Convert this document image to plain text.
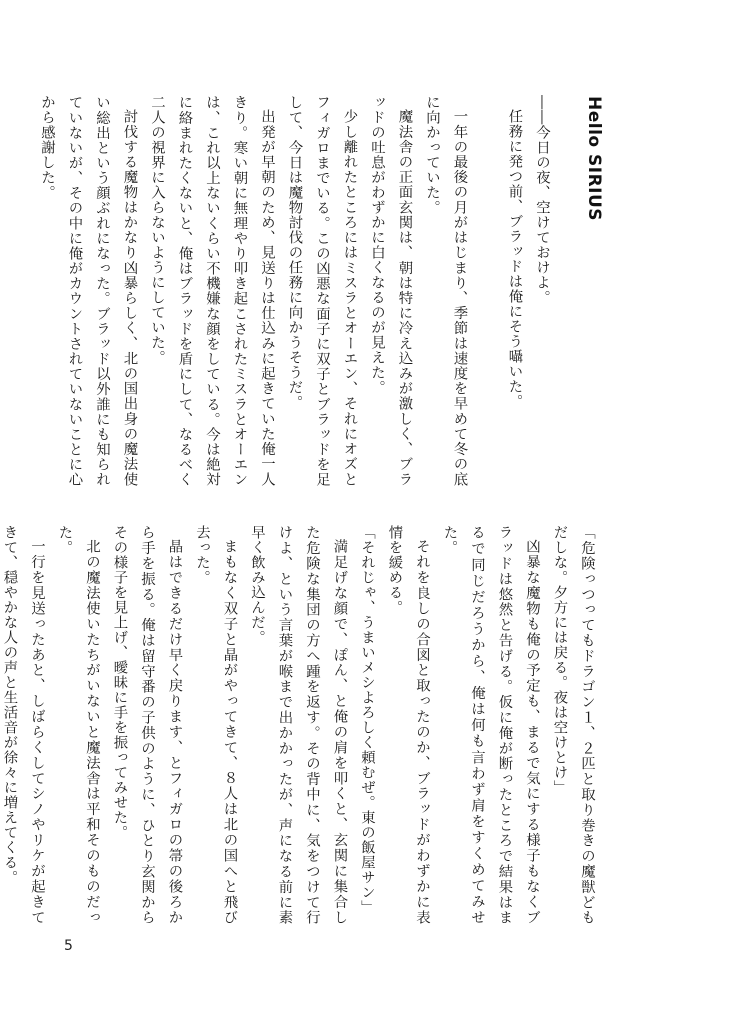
Hello SIRIUS

――今日の夜、空けておけよ。

任務に発つ前、ブラッドは俺にそう囁いた。

一年の最後の月がはじまり、季節は速度を早めて冬の底に向かっていた。

魔法舎の正面玄関は、朝は特に冷え込みが激しく、ブラッドの吐息がわずかに白くなるのが見えた。

少し離れたところにはミスラとオーエン、それにオズとフィガロまでいる。この凶悪な面子に双子とブラッドを足して、今日は魔物討伐の任務に向かうそうだ。

出発が早朝のため、見送りは仕込みに起きていた俺一人きり。寒い朝に無理やり叩き起こされたミスラとオーエンは、これ以上ないくらい不機嫌な顔をしている。今は絶対に絡まれたくないと、俺はブラッドを盾にして、なるべく二人の視界に入らないようにしていた。

討伐する魔物はかなり凶暴らしく、北の国出身の魔法使い総出という顔ぶれになった。ブラッド以外誰にも知られていないが、その中に俺がカウントされていないことに心から感謝した。

「危険っつってもドラゴン１、２匹と取り巻きの魔獣どもだしな。夕方には戻る。夜は空けとけ」

凶暴な魔物も俺の予定も、まるで気にする様子もなくブラッドは悠然と告げる。仮に俺が断ったところで結果はまるで同じだろうから、俺は何も言わず肩をすくめてみせた。

それを良しの合図と取ったのか、ブラッドがわずかに表情を緩める。

「それじゃ、うまいメシよろしく頼むぜ。東の飯屋サン」

満足げな顔で、ぽん、と俺の肩を叩くと、玄関に集合した危険な集団の方へ踵を返す。その背中に、気をつけて行けよ、という言葉が喉まで出かかったが、声になる前に素早く飲み込んだ。

まもなく双子と晶がやってきて、８人は北の国へと飛び去った。

晶はできるだけ早く戻ります、とフィガロの箒の後ろから手を振る。俺は留守番の子供のように、ひとり玄関からその様子を見上げ、曖昧に手を振ってみせた。

北の魔法使いたちがいないと魔法舎は平和そのものだった。

一行を見送ったあと、しばらくしてシノやリケが起きてきて、穏やかな人の声と生活音が徐々に増えてくる。

5
